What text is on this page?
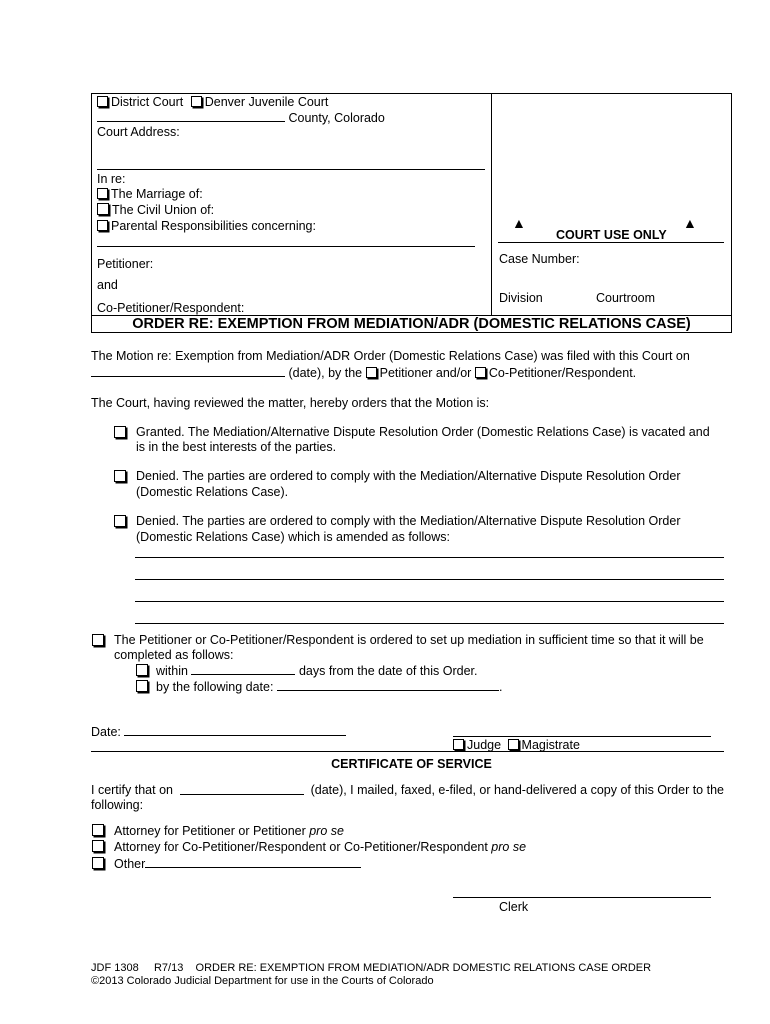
District Court Denver Juvenile Court
County, Colorado
Court Address:
In re:
The Marriage of:
The Civil Union of:
Parental Responsibilities concerning:
Petitioner:
and
Co-Petitioner/Respondent:
▲
COURT USE ONLY
▲
Case Number:
Division	Courtroom
ORDER RE: EXEMPTION FROM MEDIATION/ADR (DOMESTIC RELATIONS CASE)
The Motion re: Exemption from Mediation/ADR Order (Domestic Relations Case) was filed with this Court on
(date), by the Petitioner and/or Co-Petitioner/Respondent.
The Court, having reviewed the matter, hereby orders that the Motion is:
Granted. The Mediation/Alternative Dispute Resolution Order (Domestic Relations Case) is vacated and
is in the best interests of the parties.
Denied. The parties are ordered to comply with the Mediation/Alternative Dispute Resolution Order
(Domestic Relations Case).
Denied. The parties are ordered to comply with the Mediation/Alternative Dispute Resolution Order
(Domestic Relations Case) which is amended as follows:
The Petitioner or Co-Petitioner/Respondent is ordered to set up mediation in sufficient time so that it will be
completed as follows:
within	days from the date of this Order.
by the following date:	.
Date:
Judge Magistrate
CERTIFICATE OF SERVICE
I certify that on	(date), I mailed, faxed, e-filed, or hand-delivered a copy of this Order to the
following:
Attorney for Petitioner or Petitioner pro se
Attorney for Co-Petitioner/Respondent or Co-Petitioner/Respondent pro se
Other
Clerk
JDF 1308     R7/13    ORDER RE: EXEMPTION FROM MEDIATION/ADR DOMESTIC RELATIONS CASE ORDER
©2013 Colorado Judicial Department for use in the Courts of Colorado
